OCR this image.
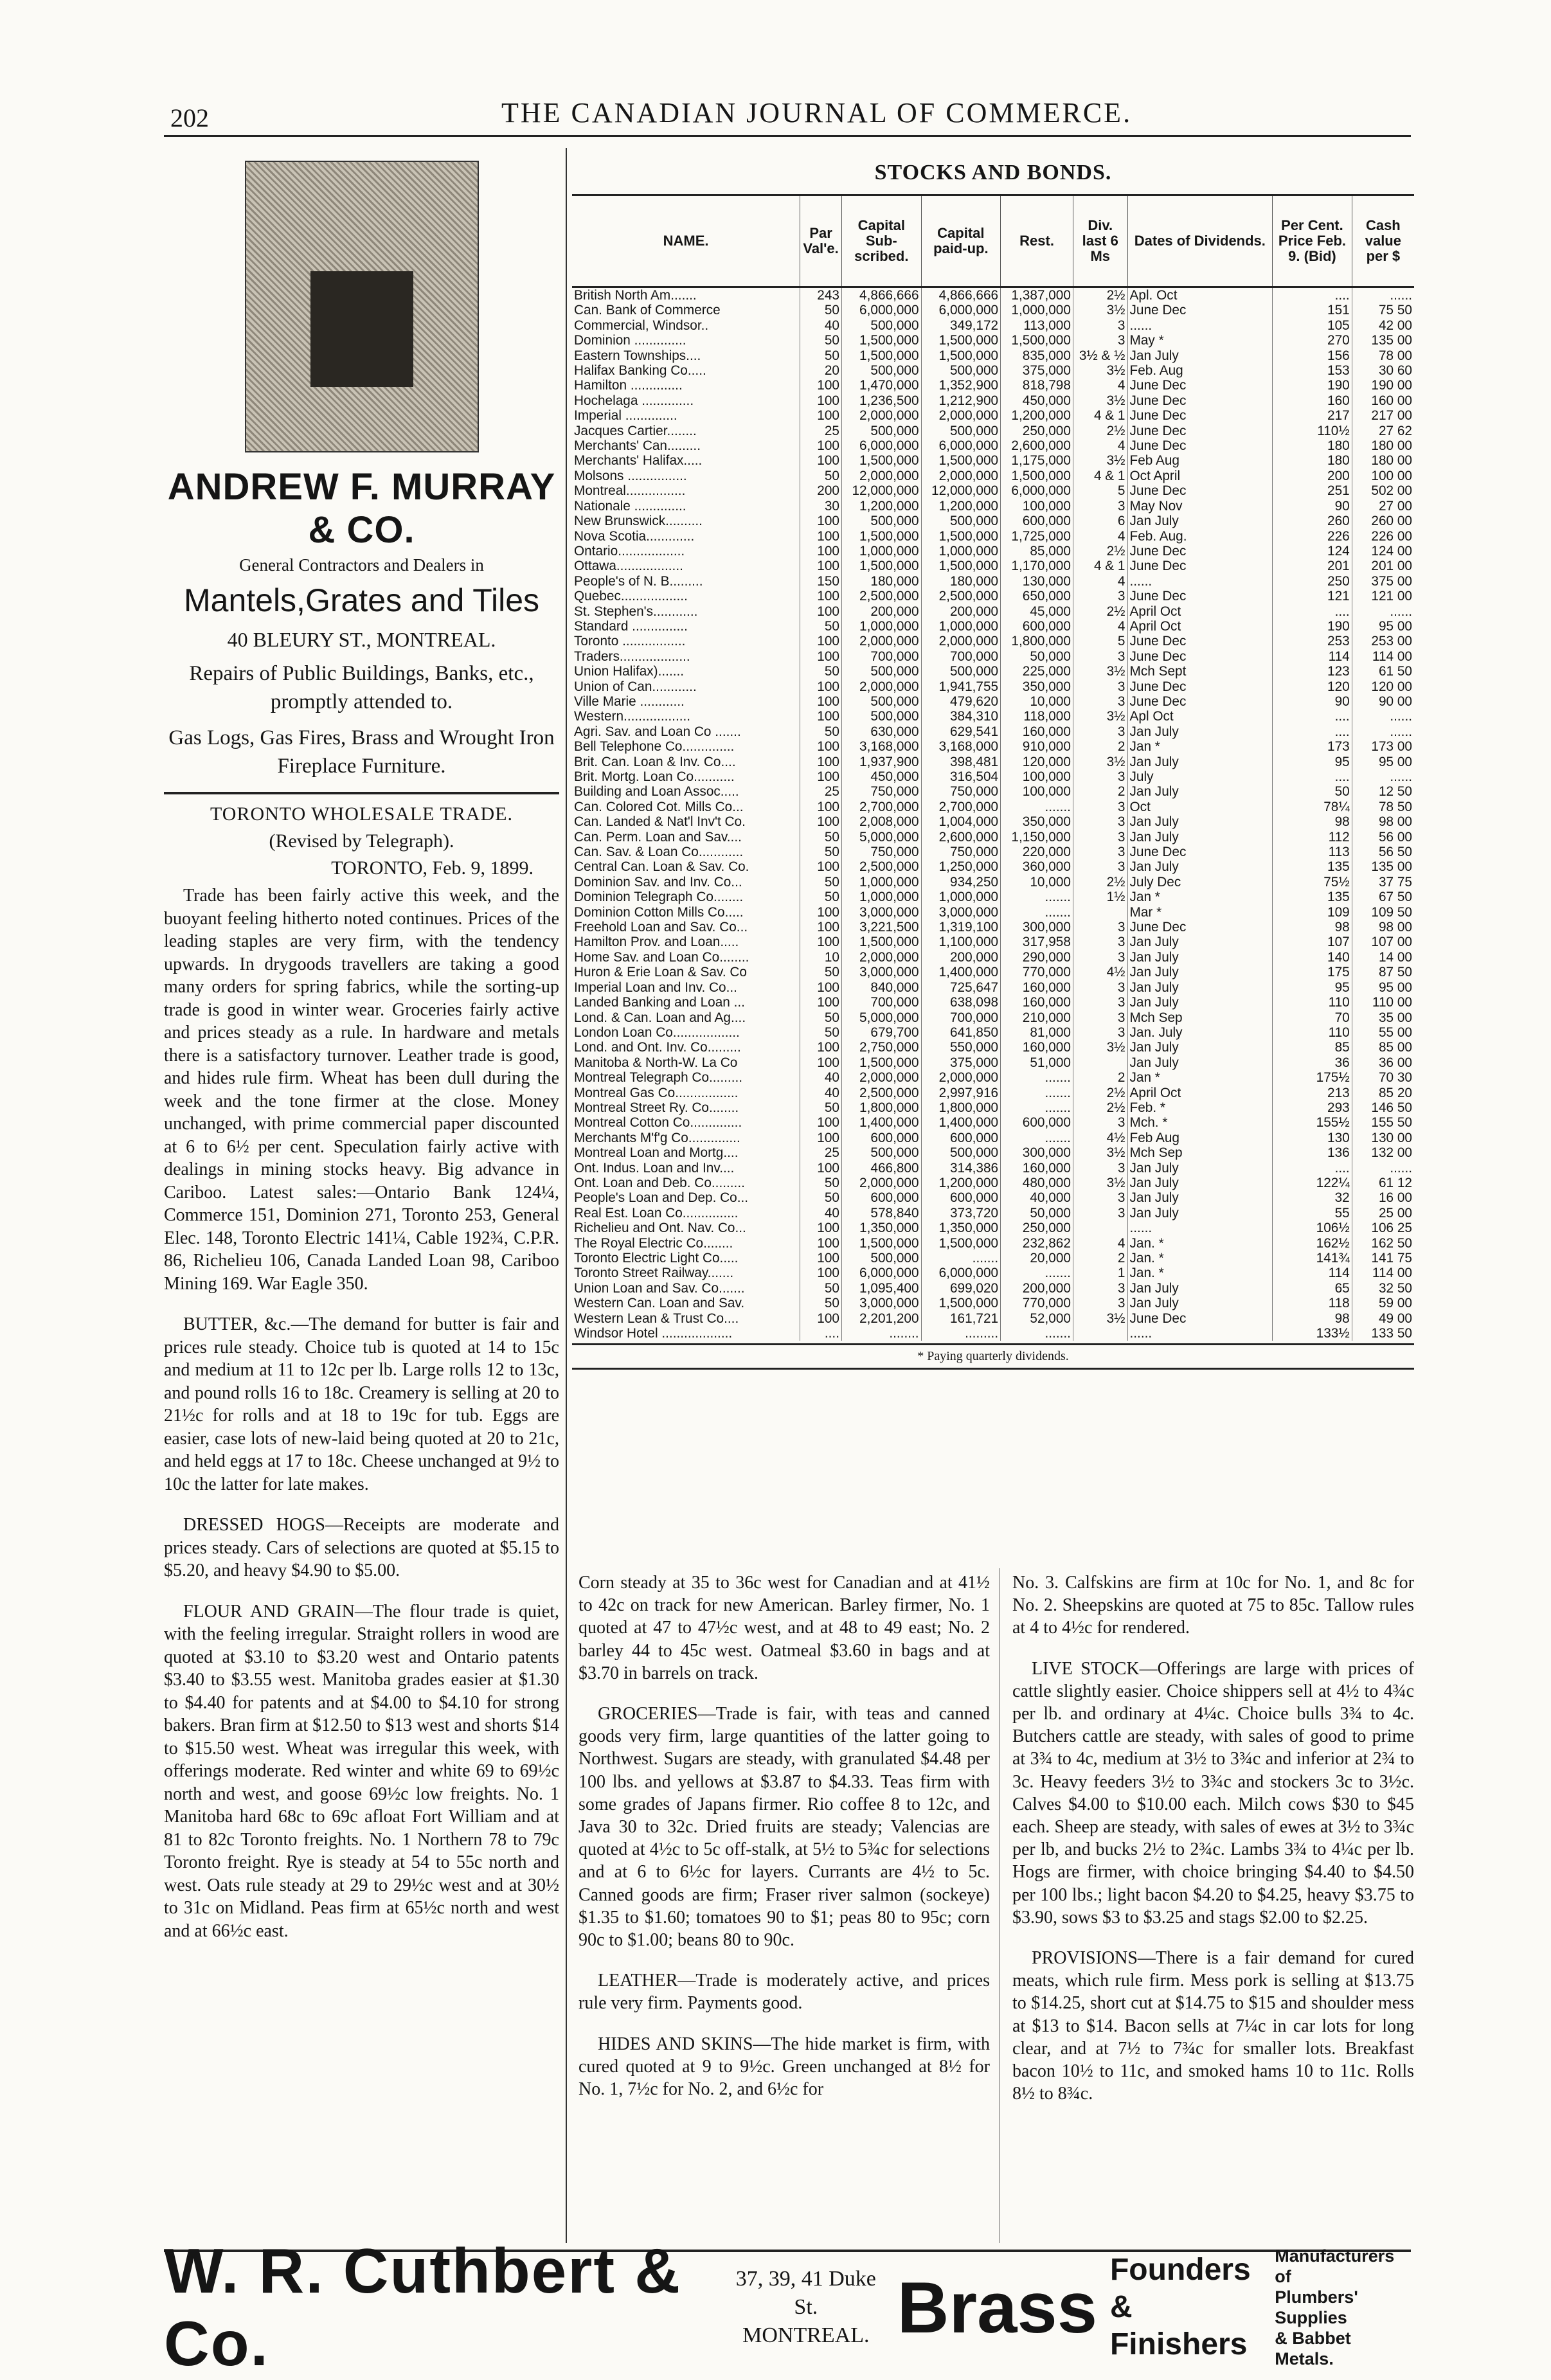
202	THE CANADIAN JOURNAL OF COMMERCE.
ANDREW F. MURRAY & CO.
General Contractors and Dealers in
Mantels,Grates and Tiles
40 BLEURY ST., MONTREAL.
Repairs of Public Buildings, Banks, etc., promptly attended to.
Gas Logs, Gas Fires, Brass and Wrought Iron Fireplace Furniture.
TORONTO WHOLESALE TRADE.
(Revised by Telegraph).
TORONTO, Feb. 9, 1899.

Trade has been fairly active this week, and the buoyant feeling hitherto noted continues. Prices of the leading staples are very firm, with the tendency upwards. In drygoods travellers are taking a good many orders for spring fabrics, while the sorting-up trade is good in winter wear. Groceries fairly active and prices steady as a rule. In hardware and metals there is a satisfactory turnover. Leather trade is good, and hides rule firm. Wheat has been dull during the week and the tone firmer at the close. Money unchanged, with prime commercial paper discounted at 6 to 6½ per cent. Speculation fairly active with dealings in mining stocks heavy. Big advance in Cariboo. Latest sales:—Ontario Bank 124¼, Commerce 151, Dominion 271, Toronto 253, General Elec. 148, Toronto Electric 141¼, Cable 192¾, C.P.R. 86, Richelieu 106, Canada Landed Loan 98, Cariboo Mining 169. War Eagle 350.

BUTTER, &c.—The demand for butter is fair and prices rule steady. Choice tub is quoted at 14 to 15c and medium at 11 to 12c per lb. Large rolls 12 to 13c, and pound rolls 16 to 18c. Creamery is selling at 20 to 21½c for rolls and at 18 to 19c for tub. Eggs are easier, case lots of new-laid being quoted at 20 to 21c, and held eggs at 17 to 18c. Cheese unchanged at 9½ to 10c the latter for late makes.

DRESSED HOGS—Receipts are moderate and prices steady. Cars of selections are quoted at $5.15 to $5.20, and heavy $4.90 to $5.00.

FLOUR AND GRAIN—The flour trade is quiet, with the feeling irregular. Straight rollers in wood are quoted at $3.10 to $3.20 west and Ontario patents $3.40 to $3.55 west. Manitoba grades easier at $1.30 to $4.40 for patents and at $4.00 to $4.10 for strong bakers. Bran firm at $12.50 to $13 west and shorts $14 to $15.50 west. Wheat was irregular this week, with offerings moderate. Red winter and white 69 to 69½c north and west, and goose 69½c low freights. No. 1 Manitoba hard 68c to 69c afloat Fort William and at 81 to 82c Toronto freights. No. 1 Northern 78 to 79c Toronto freight. Rye is steady at 54 to 55c north and west. Oats rule steady at 29 to 29½c west and at 30½ to 31c on Midland. Peas firm at 65½c north and west and at 66½c east.

STOCKS AND BONDS.
NAME.	Par Val'e.	Capital Sub-scribed.	Capital paid-up.	Rest.	Div. last 6 Ms	Dates of Dividends.	Per Cent. Price Feb. 9. (Bid)	Cash value per $
British North Am.......	243	4,866,666	4,866,666	1,387,000	2½	Apl. Oct	....	......
Can. Bank of Commerce	50	6,000,000	6,000,000	1,000,000	3½	June Dec	151	75 50
Commercial, Windsor..	40	500,000	349,172	113,000	3	......	105	42 00
Dominion ..............	50	1,500,000	1,500,000	1,500,000	3	May *	270	135 00
Eastern Townships....	50	1,500,000	1,500,000	835,000	3½ & ½	Jan July	156	78 00
Halifax Banking Co.....	20	500,000	500,000	375,000	3½	Feb. Aug	153	30 60
Hamilton ..............	100	1,470,000	1,352,900	818,798	4	June Dec	190	190 00
Hochelaga ..............	100	1,236,500	1,212,900	450,000	3½	June Dec	160	160 00
Imperial ..............	100	2,000,000	2,000,000	1,200,000	4 & 1	June Dec	217	217 00
Jacques Cartier........	25	500,000	500,000	250,000	2½	June Dec	110½	27 62
Merchants' Can.........	100	6,000,000	6,000,000	2,600,000	4	June Dec	180	180 00
Merchants' Halifax.....	100	1,500,000	1,500,000	1,175,000	3½	Feb Aug	180	180 00
Molsons ................	50	2,000,000	2,000,000	1,500,000	4 & 1	Oct April	200	100 00
Montreal................	200	12,000,000	12,000,000	6,000,000	5	June Dec	251	502 00
Nationale ..............	30	1,200,000	1,200,000	100,000	3	May Nov	90	27 00
New Brunswick..........	100	500,000	500,000	600,000	6	Jan July	260	260 00
Nova Scotia.............	100	1,500,000	1,500,000	1,725,000	4	Feb. Aug.	226	226 00
Ontario..................	100	1,000,000	1,000,000	85,000	2½	June Dec	124	124 00
Ottawa..................	100	1,500,000	1,500,000	1,170,000	4 & 1	June Dec	201	201 00
People's of N. B.........	150	180,000	180,000	130,000	4	......	250	375 00
Quebec..................	100	2,500,000	2,500,000	650,000	3	June Dec	121	121 00
St. Stephen's............	100	200,000	200,000	45,000	2½	April Oct	....	......
Standard ...............	50	1,000,000	1,000,000	600,000	4	April Oct	190	95 00
Toronto .................	100	2,000,000	2,000,000	1,800,000	5	June Dec	253	253 00
Traders...................	100	700,000	700,000	50,000	3	June Dec	114	114 00
Union Halifax).......	50	500,000	500,000	225,000	3½	Mch Sept	123	61 50
Union of Can............	100	2,000,000	1,941,755	350,000	3	June Dec	120	120 00
Ville Marie ............	100	500,000	479,620	10,000	3	June Dec	90	90 00
Western..................	100	500,000	384,310	118,000	3½	Apl Oct	....	......
Agri. Sav. and Loan Co .......	50	630,000	629,541	160,000	3	Jan July	....	......
Bell Telephone Co..............	100	3,168,000	3,168,000	910,000	2	Jan *	173	173 00
Brit. Can. Loan & Inv. Co....	100	1,937,900	398,481	120,000	3½	Jan July	95	95 00
Brit. Mortg. Loan Co...........	100	450,000	316,504	100,000	3	July	....	......
Building and Loan Assoc.....	25	750,000	750,000	100,000	2	Jan July	50	12 50
Can. Colored Cot. Mills Co...	100	2,700,000	2,700,000	.......	3	Oct	78¼	78 50
Can. Landed & Nat'l Inv't Co.	100	2,008,000	1,004,000	350,000	3	Jan July	98	98 00
Can. Perm. Loan and Sav....	50	5,000,000	2,600,000	1,150,000	3	Jan July	112	56 00
Can. Sav. & Loan Co............	50	750,000	750,000	220,000	3	June Dec	113	56 50
Central Can. Loan & Sav. Co.	100	2,500,000	1,250,000	360,000	3	Jan July	135	135 00
Dominion Sav. and Inv. Co...	50	1,000,000	934,250	10,000	2½	July Dec	75½	37 75
Dominion Telegraph Co........	50	1,000,000	1,000,000	.......	1½	Jan *	135	67 50
Dominion Cotton Mills Co.....	100	3,000,000	3,000,000	.......		Mar *	109	109 50
Freehold Loan and Sav. Co...	100	3,221,500	1,319,100	300,000	3	June Dec	98	98 00
Hamilton Prov. and Loan.....	100	1,500,000	1,100,000	317,958	3	Jan July	107	107 00
Home Sav. and Loan Co........	10	2,000,000	200,000	290,000	3	Jan July	140	14 00
Huron & Erie Loan & Sav. Co	50	3,000,000	1,400,000	770,000	4½	Jan July	175	87 50
Imperial Loan and Inv. Co...	100	840,000	725,647	160,000	3	Jan July	95	95 00
Landed Banking and Loan ...	100	700,000	638,098	160,000	3	Jan July	110	110 00
Lond. & Can. Loan and Ag....	50	5,000,000	700,000	210,000	3	Mch Sep	70	35 00
London Loan Co..................	50	679,700	641,850	81,000	3	Jan. July	110	55 00
Lond. and Ont. Inv. Co.........	100	2,750,000	550,000	160,000	3½	Jan July	85	85 00
Manitoba & North-W. La Co	100	1,500,000	375,000	51,000		Jan July	36	36 00
Montreal Telegraph Co.........	40	2,000,000	2,000,000	.......	2	Jan *	175½	70 30
Montreal Gas Co.................	40	2,500,000	2,997,916	.......	2½	April Oct	213	85 20
Montreal Street Ry. Co........	50	1,800,000	1,800,000	.......	2½	Feb. *	293	146 50
Montreal Cotton Co..............	100	1,400,000	1,400,000	600,000	3	Mch. *	155½	155 50
Merchants M'f'g Co..............	100	600,000	600,000	.......	4½	Feb Aug	130	130 00
Montreal Loan and Mortg....	25	500,000	500,000	300,000	3½	Mch Sep	136	132 00
Ont. Indus. Loan and Inv....	100	466,800	314,386	160,000	3	Jan July	....	......
Ont. Loan and Deb. Co.........	50	2,000,000	1,200,000	480,000	3½	Jan July	122¼	61 12
People's Loan and Dep. Co...	50	600,000	600,000	40,000	3	Jan July	32	16 00
Real Est. Loan Co...............	40	578,840	373,720	50,000	3	Jan July	55	25 00
Richelieu and Ont. Nav. Co...	100	1,350,000	1,350,000	250,000		......	106½	106 25
The Royal Electric Co........	100	1,500,000	1,500,000	232,862	4	Jan. *	162½	162 50
Toronto Electric Light Co.....	100	500,000	.......	20,000	2	Jan. *	141¾	141 75
Toronto Street Railway.......	100	6,000,000	6,000,000	.......	1	Jan. *	114	114 00
Union Loan and Sav. Co.......	50	1,095,400	699,020	200,000	3	Jan July	65	32 50
Western Can. Loan and Sav.	50	3,000,000	1,500,000	770,000	3	Jan July	118	59 00
Western Lean & Trust Co....	100	2,201,200	161,721	52,000	3½	June Dec	98	49 00
Windsor Hotel ...................	....	........	.........	.......		......	133½	133 50
* Paying quarterly dividends.

Corn steady at 35 to 36c west for Canadian and at 41½ to 42c on track for new American. Barley firmer, No. 1 quoted at 47 to 47½c west, and at 48 to 49 east; No. 2 barley 44 to 45c west. Oatmeal $3.60 in bags and at $3.70 in barrels on track.

GROCERIES—Trade is fair, with teas and canned goods very firm, large quantities of the latter going to Northwest. Sugars are steady, with granulated $4.48 per 100 lbs. and yellows at $3.87 to $4.33. Teas firm with some grades of Japans firmer. Rio coffee 8 to 12c, and Java 30 to 32c. Dried fruits are steady; Valencias are quoted at 4½c to 5c off-stalk, at 5½ to 5¾c for selections and at 6 to 6½c for layers. Currants are 4½ to 5c. Canned goods are firm; Fraser river salmon (sockeye) $1.35 to $1.60; tomatoes 90 to $1; peas 80 to 95c; corn 90c to $1.00; beans 80 to 90c.

LEATHER—Trade is moderately active, and prices rule very firm. Payments good.

HIDES AND SKINS—The hide market is firm, with cured quoted at 9 to 9½c. Green unchanged at 8½ for No. 1, 7½c for No. 2, and 6½c for

No. 3. Calfskins are firm at 10c for No. 1, and 8c for No. 2. Sheepskins are quoted at 75 to 85c. Tallow rules at 4 to 4½c for rendered.

LIVE STOCK—Offerings are large with prices of cattle slightly easier. Choice shippers sell at 4½ to 4¾c per lb. and ordinary at 4¼c. Choice bulls 3¾ to 4c. Butchers cattle are steady, with sales of good to prime at 3¾ to 4c, medium at 3½ to 3¾c and inferior at 2¾ to 3c. Heavy feeders 3½ to 3¾c and stockers 3c to 3½c. Calves $4.00 to $10.00 each. Milch cows $30 to $45 each. Sheep are steady, with sales of ewes at 3½ to 3¾c per lb, and bucks 2½ to 2¾c. Lambs 3¾ to 4¼c per lb. Hogs are firmer, with choice bringing $4.40 to $4.50 per 100 lbs.; light bacon $4.20 to $4.25, heavy $3.75 to $3.90, sows $3 to $3.25 and stags $2.00 to $2.25.

PROVISIONS—There is a fair demand for cured meats, which rule firm. Mess pork is selling at $13.75 to $14.25, short cut at $14.75 to $15 and shoulder mess at $13 to $14. Bacon sells at 7¼c in car lots for long clear, and at 7½ to 7¾c for smaller lots. Breakfast bacon 10½ to 11c, and smoked hams 10 to 11c. Rolls 8½ to 8¾c.

W. R. Cuthbert & Co.
37, 39, 41 Duke St.
MONTREAL. Brass Founders &
Finishers
Manufacturers of
Plumbers' Supplies
& Babbet Metals.
